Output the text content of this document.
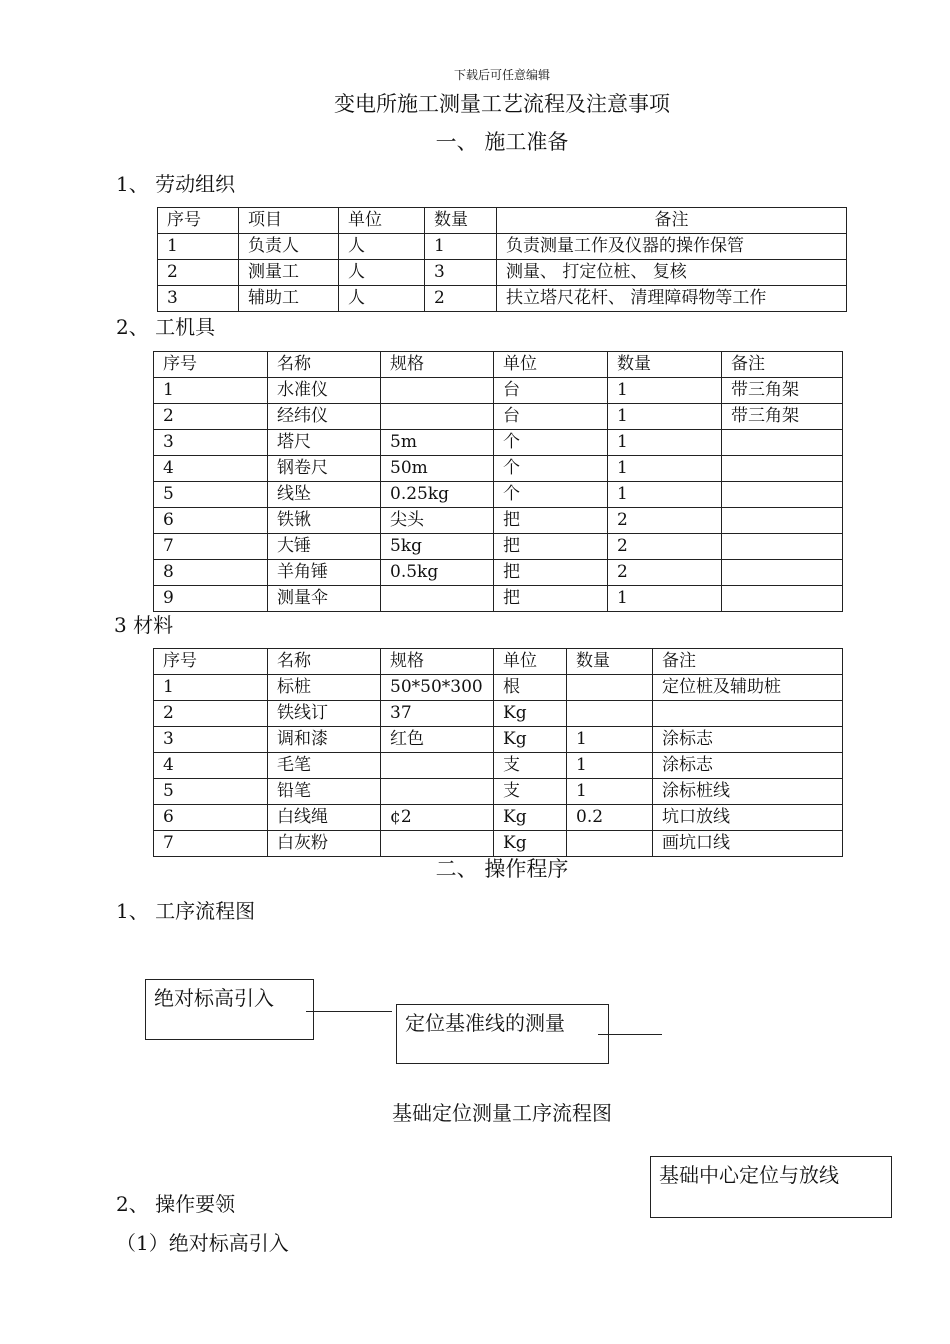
下载后可任意编辑
变电所施工测量工艺流程及注意事项
一、 施工准备
1、 劳动组织
序号	项目	单位	数量	备注
1	负责人	人	1	负责测量工作及仪器的操作保管
2	测量工	人	3	测量、 打定位桩、 复核
3	辅助工	人	2	扶立塔尺花杆、 清理障碍物等工作
2、 工机具
序号	名称	规格	单位	数量	备注
1	水准仪		台	1	带三角架
2	经纬仪		台	1	带三角架
3	塔尺	5m	个	1	
4	钢卷尺	50m	个	1	
5	线坠	0.25kg	个	1	
6	铁锹	尖头	把	2	
7	大锤	5kg	把	2	
8	羊角锤	0.5kg	把	2	
9	测量伞		把	1	
3 材料
序号	名称	规格	单位	数量	备注
1	标桩	50*50*300	根		定位桩及辅助桩
2	铁线订	37	Kg		
3	调和漆	红色	Kg	1	涂标志
4	毛笔		支	1	涂标志
5	铅笔		支	1	涂标桩线
6	白线绳	¢2	Kg	0.2	坑口放线
7	白灰粉		Kg		画坑口线
二、 操作程序
1、 工序流程图
绝对标高引入
定位基准线的测量
基础定位测量工序流程图
基础中心定位与放线
2、 操作要领
（1）绝对标高引入
